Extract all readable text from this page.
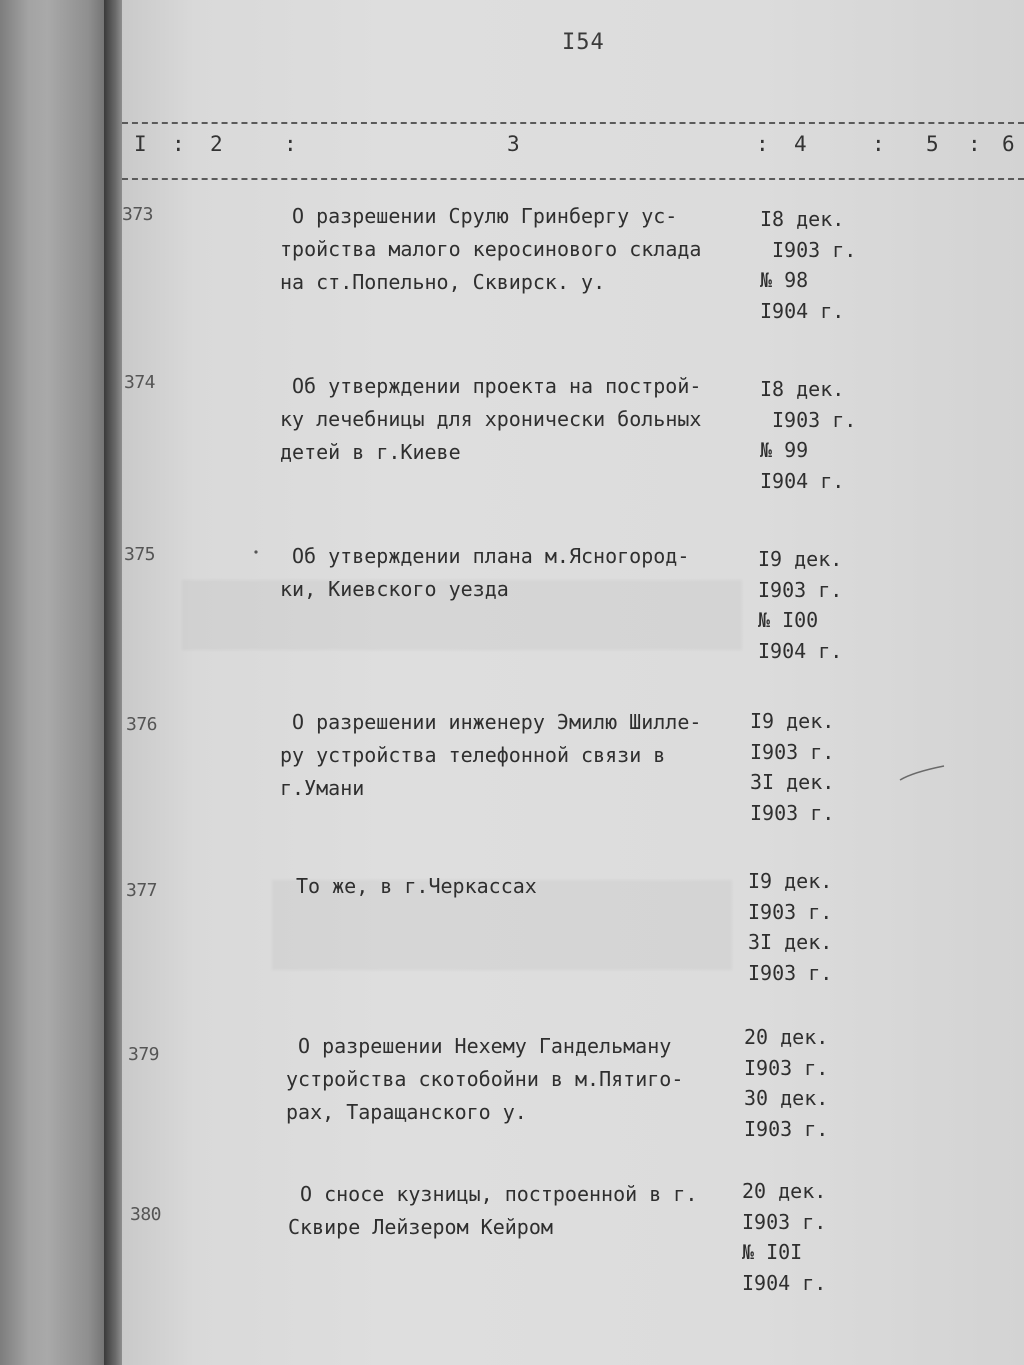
I54
I : 2	:	3	: 4	: 5 : 6
373	О разрешении Срулю Гринбергу ус-
тройства малого керосинового склада
на ст.Попельно, Сквирск. у.
I8 дек.
I903 г.
№ 98
I904 г.
374	Об утверждении проекта на построй-
ку лечебницы для хронически больных
детей в г.Киеве
I8 дек.
I903 г.
№ 99
I904 г.
375	Об утверждении плана м.Ясногород-
ки, Киевского уезда
I9 дек.
I903 г.
№ I00
I904 г.
376	О разрешении инженеру Эмилю Шилле-
ру устройства телефонной связи в
г.Умани
I9 дек.
I903 г.
3I дек.
I903 г.
377	То же, в г.Черкассах	I9 дек.
I903 г.
3I дек.
I903 г.
379	О разрешении Нехему Гандельману
устройства скотобойни в м.Пятиго-
рах, Таращанского у.
20 дек.
I903 г.
30 дек.
I903 г.
380
О сносе кузницы, построенной в г.
Сквире Лейзером Кейром
20 дек.
I903 г.
№ I0I
I904 г.
